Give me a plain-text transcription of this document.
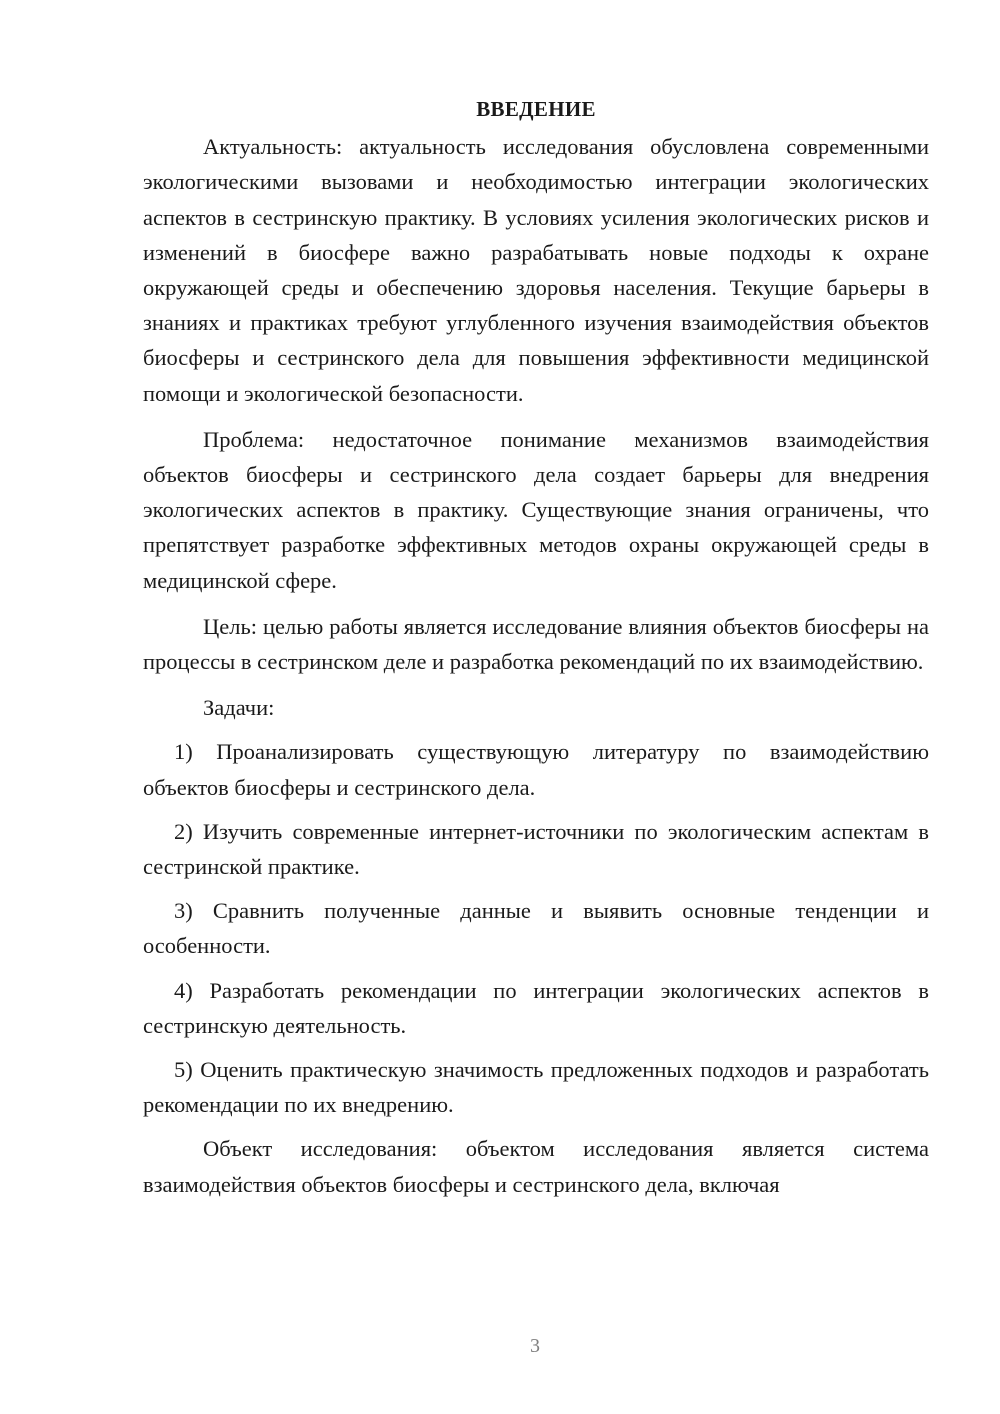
ВВЕДЕНИЕ

Актуальность: актуальность исследования обусловлена современными экологическими вызовами и необходимостью интеграции экологических аспектов в сестринскую практику. В условиях усиления экологических рисков и изменений в биосфере важно разрабатывать новые подходы к охране окружающей среды и обеспечению здоровья населения. Текущие барьеры в знаниях и практиках требуют углубленного изучения взаимодействия объектов биосферы и сестринского дела для повышения эффективности медицинской помощи и экологической безопасности.

Проблема: недостаточное понимание механизмов взаимодействия объектов биосферы и сестринского дела создает барьеры для внедрения экологических аспектов в практику. Существующие знания ограничены, что препятствует разработке эффективных методов охраны окружающей среды в медицинской сфере.

Цель: целью работы является исследование влияния объектов биосферы на процессы в сестринском деле и разработка рекомендаций по их взаимодействию.

Задачи:

1) Проанализировать существующую литературу по взаимодействию объектов биосферы и сестринского дела.

2) Изучить современные интернет-источники по экологическим аспектам в сестринской практике.

3) Сравнить полученные данные и выявить основные тенденции и особенности.

4) Разработать рекомендации по интеграции экологических аспектов в сестринскую деятельность.

5) Оценить практическую значимость предложенных подходов и разработать рекомендации по их внедрению.

Объект исследования: объектом исследования является система взаимодействия объектов биосферы и сестринского дела, включая

3
